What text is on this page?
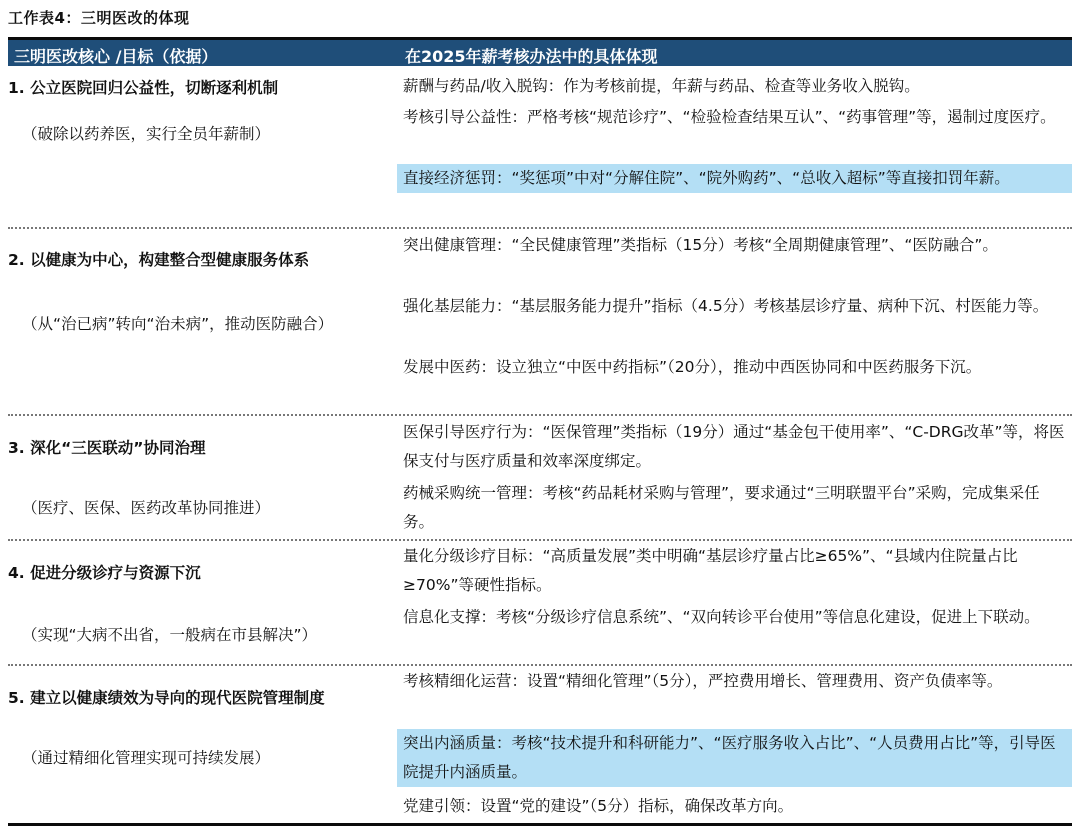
工作表4：三明医改的体现
三明医改核心 /目标（依据）	在2025年薪考核办法中的具体体现
1. 公立医院回归公益性，切断逐利机制
（破除以药养医，实行全员年薪制）
薪酬与药品/收入脱钩：作为考核前提，年薪与药品、检查等业务收入脱钩。
考核引导公益性：严格考核“规范诊疗”、“检验检查结果互认”、“药事管理”等，遏制过度医疗。
直接经济惩罚：“奖惩项”中对“分解住院”、“院外购药”、“总收入超标”等直接扣罚年薪。
2. 以健康为中心，构建整合型健康服务体系
（从“治已病”转向“治未病”，推动医防融合）
突出健康管理：“全民健康管理”类指标（15分）考核“全周期健康管理”、“医防融合”。
强化基层能力：“基层服务能力提升”指标（4.5分）考核基层诊疗量、病种下沉、村医能力等。
发展中医药：设立独立“中医中药指标”（20分），推动中西医协同和中医药服务下沉。
3. 深化“三医联动”协同治理
（医疗、医保、医药改革协同推进）
医保引导医疗行为：“医保管理”类指标（19分）通过“基金包干使用率”、“C-DRG改革”等，将医保支付与医疗质量和效率深度绑定。
药械采购统一管理：考核“药品耗材采购与管理”，要求通过“三明联盟平台”采购，完成集采任务。
4. 促进分级诊疗与资源下沉
（实现“大病不出省，一般病在市县解决”）
量化分级诊疗目标：“高质量发展”类中明确“基层诊疗量占比≥65%”、“县域内住院量占比≥70%”等硬性指标。
信息化支撑：考核“分级诊疗信息系统”、“双向转诊平台使用”等信息化建设，促进上下联动。
5. 建立以健康绩效为导向的现代医院管理制度
（通过精细化管理实现可持续发展）
考核精细化运营：设置“精细化管理”（5分），严控费用增长、管理费用、资产负债率等。
突出内涵质量：考核“技术提升和科研能力”、“医疗服务收入占比”、“人员费用占比”等，引导医院提升内涵质量。
党建引领：设置“党的建设”（5分）指标，确保改革方向。
